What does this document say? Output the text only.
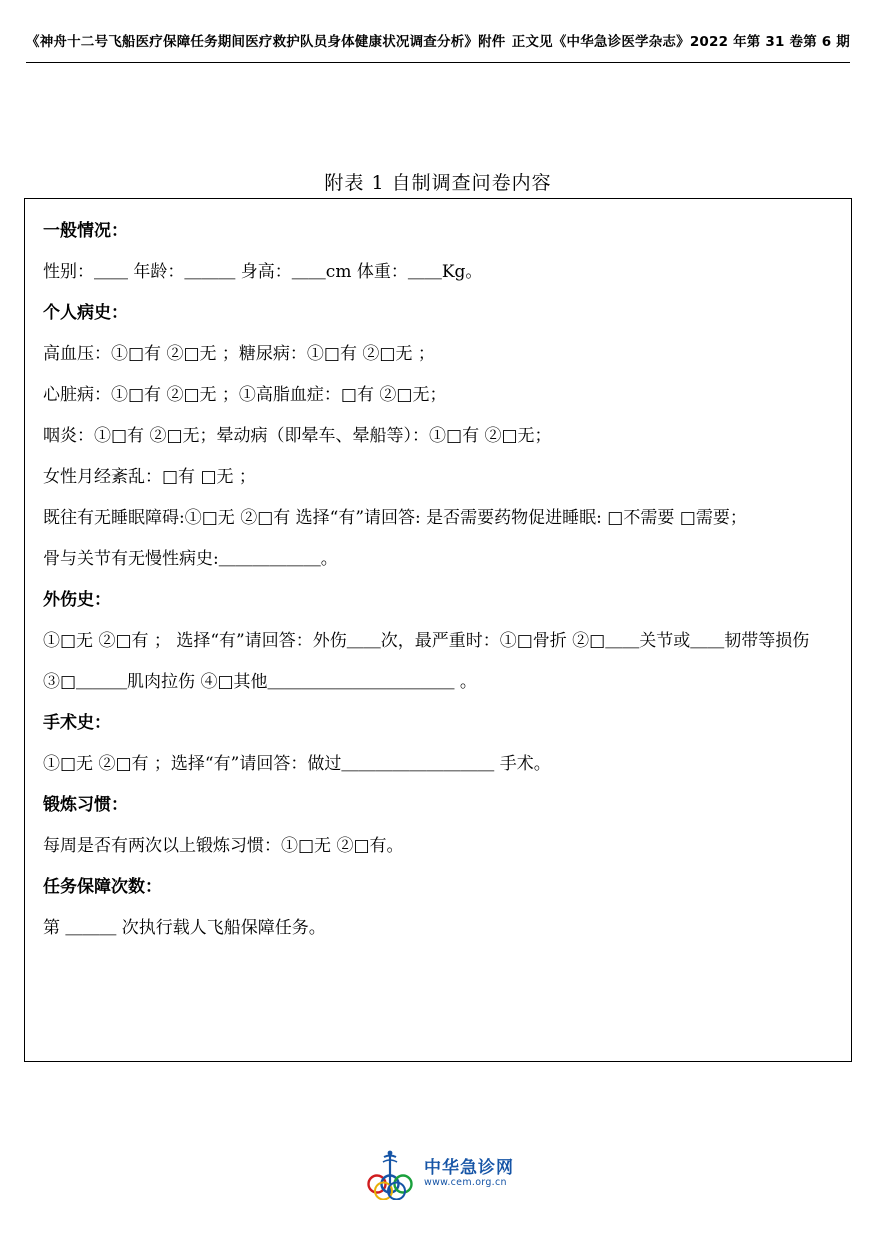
《神舟十二号飞船医疗保障任务期间医疗救护队员身体健康状况调查分析》附件 正文见《中华急诊医学杂志》2022 年第 31 卷第 6 期
附表 1 自制调查问卷内容

一般情况：

性别：＿＿ 年龄：＿＿＿ 身高：＿＿cm 体重：＿＿Kg。

个人病史：

高血压：①□有 ②□无 ；糖尿病：①□有 ②□无 ；

心脏病：①□有 ②□无 ；①高脂血症：□有 ②□无；

咽炎：①□有 ②□无；晕动病（即晕车、晕船等）：①□有 ②□无；

女性月经紊乱：□有 □无 ；

既往有无睡眠障碍:①□无 ②□有 选择“有”请回答: 是否需要药物促进睡眠: □不需要 □需要；

骨与关节有无慢性病史:＿＿＿＿＿＿。

外伤史：

①□无 ②□有 ； 选择“有”请回答：外伤＿＿次，最严重时：①□骨折 ②□＿＿关节或＿＿韧带等损伤 ③□＿＿＿肌肉拉伤 ④□其他＿＿＿＿＿＿＿＿＿＿＿ 。

手术史：

①□无 ②□有 ；选择“有”请回答：做过＿＿＿＿＿＿＿＿＿ 手术。

锻炼习惯：

每周是否有两次以上锻炼习惯：①□无 ②□有。

任务保障次数：

第 ＿＿＿ 次执行载人飞船保障任务。

中华急诊网
www.cem.org.cn
